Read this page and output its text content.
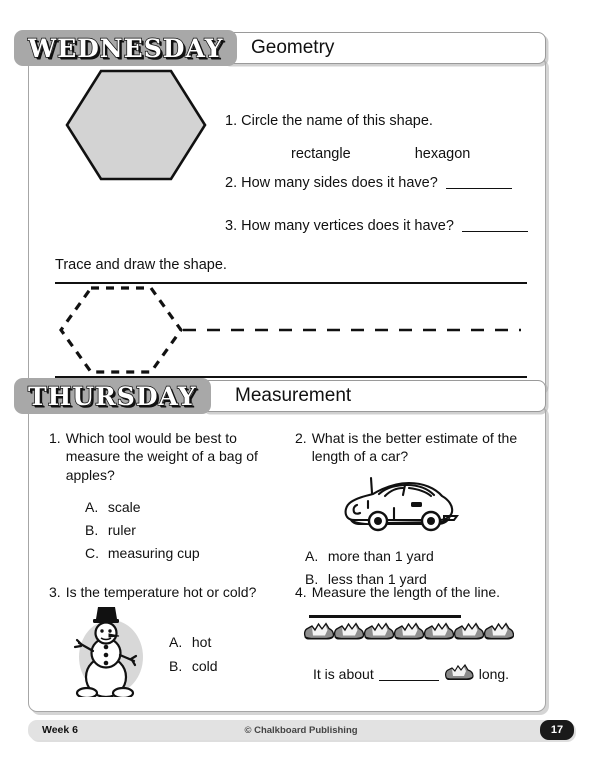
Geometry
WEDNESDAY
1. Circle the name of this shape.
rectangle	hexagon
2. How many sides does it have?
3. How many vertices does it have?
Trace and draw the shape.
Measurement
THURSDAY
1. Which tool would be best to measure the weight of a bag of apples?
A. scale
B. ruler
C. measuring cup
2. What is the better estimate of the length of a car?
A. more than 1 yard
B. less than 1 yard
3. Is the temperature hot or cold?
A. hot
B. cold
4. Measure the length of the line.
It is about	long.
Week 6	© Chalkboard Publishing	17
